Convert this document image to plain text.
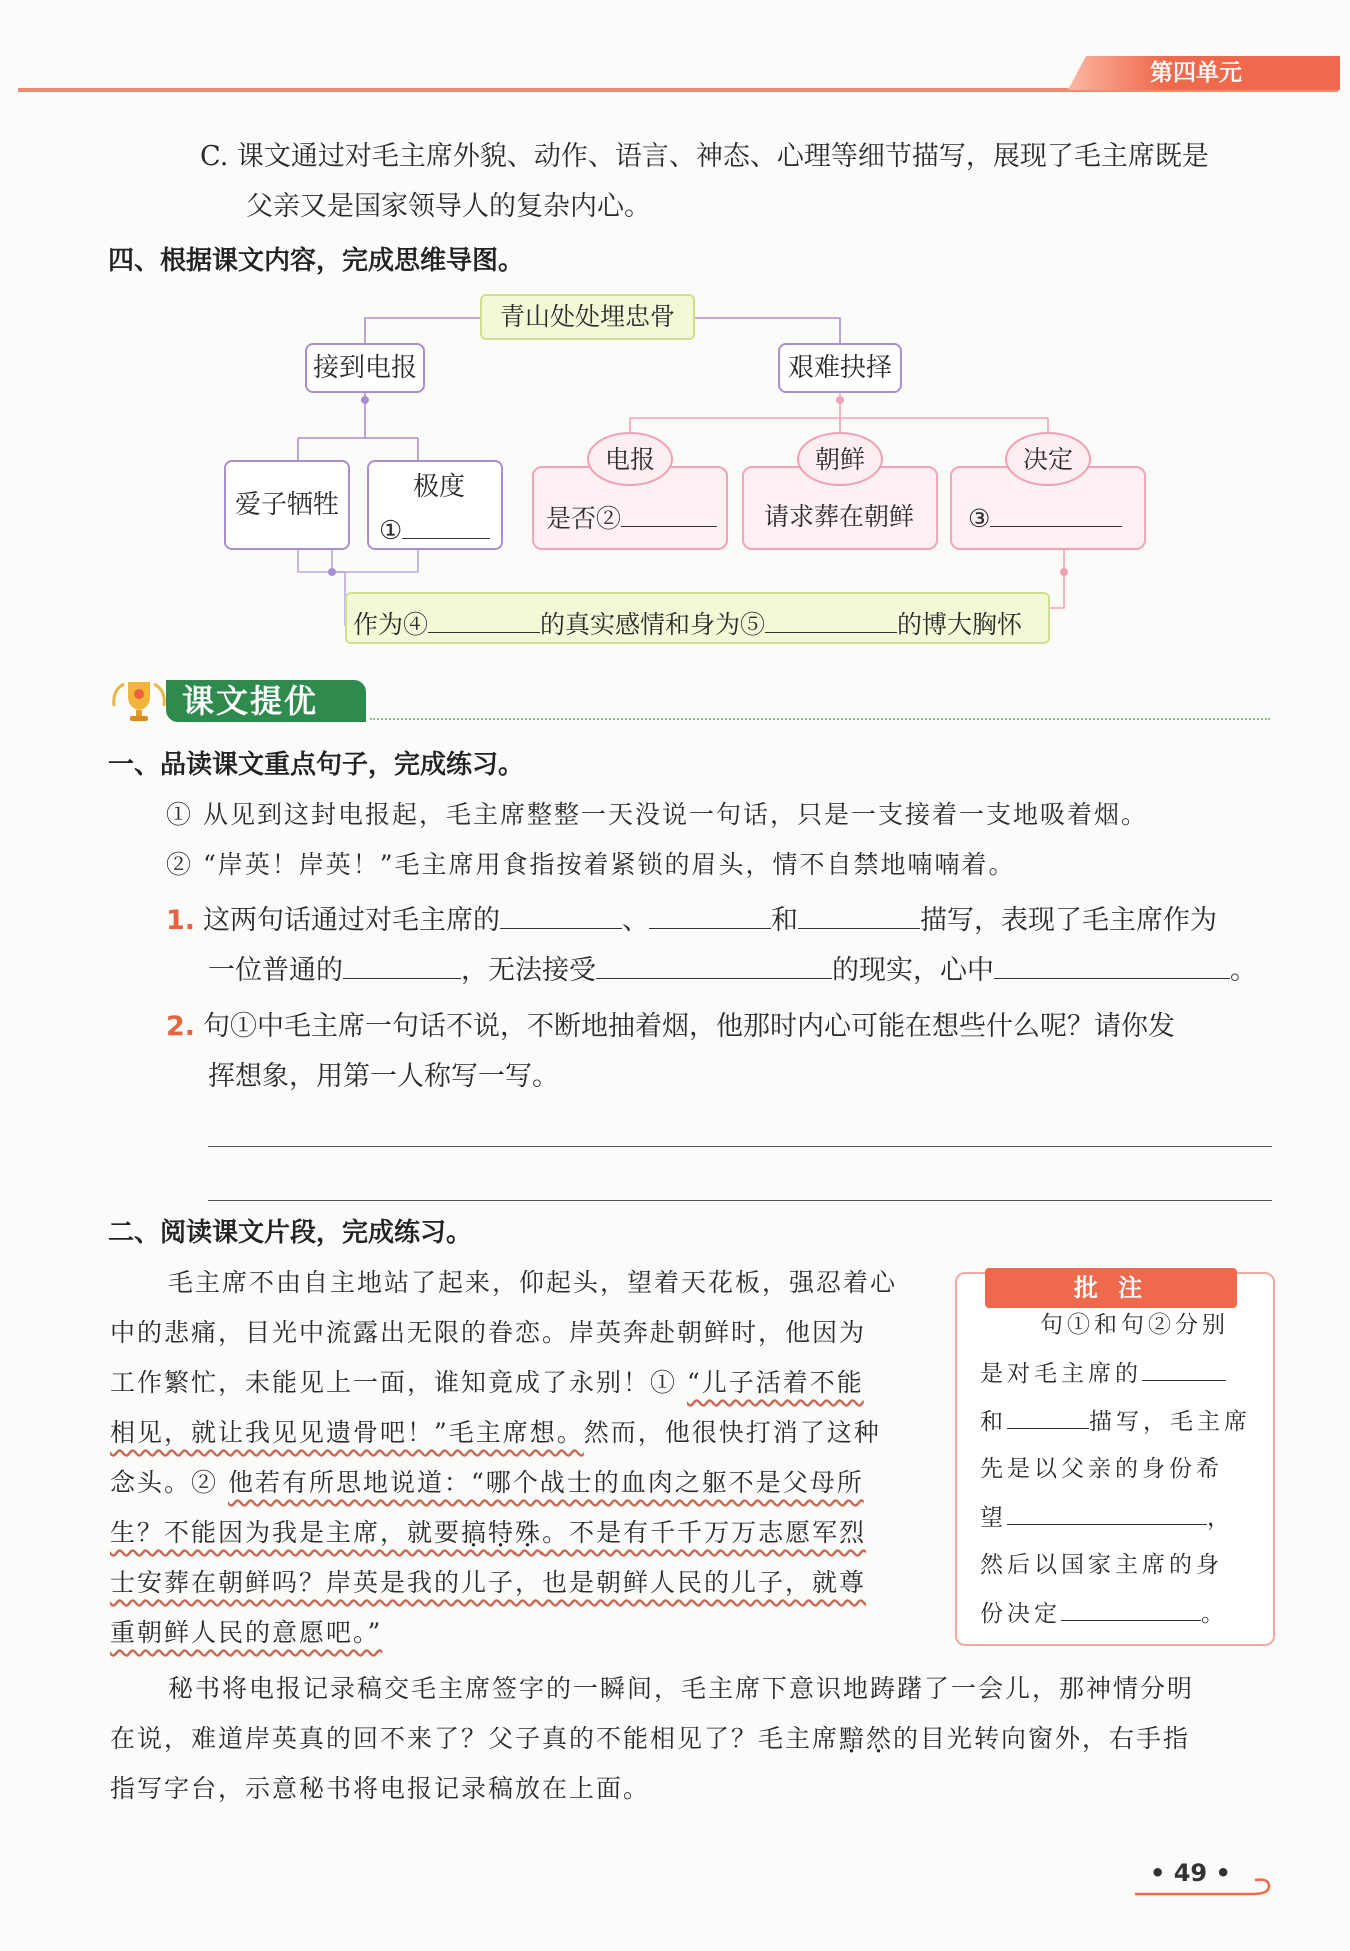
第四单元
C. 课文通过对毛主席外貌、动作、语言、神态、心理等细节描写，展现了毛主席既是
父亲又是国家领导人的复杂内心。
四、根据课文内容，完成思维导图。
青山处处埋忠骨
接到电报	艰难抉择
爱子牺牲
极度
①	是否②	请求葬在朝鲜 ③
电报	朝鲜	决定
作为④	的真实感情和身为⑤	的博大胸怀
课文提优
一、品读课文重点句子，完成练习。
① 从见到这封电报起，毛主席整整一天没说一句话，只是一支接着一支地吸着烟。
② “岸英！岸英！”毛主席用食指按着紧锁的眉头，情不自禁地喃喃着。
1. 这两句话通过对毛主席的	、	和	描写，表现了毛主席作为
一位普通的	，无法接受	的现实，心中	。
2. 句①中毛主席一句话不说，不断地抽着烟，他那时内心可能在想些什么呢？请你发
挥想象，用第一人称写一写。
二、阅读课文片段，完成练习。
毛主席不由自主地站了起来，仰起头，望着天花板，强忍着心
中的悲痛，目光中流露出无限的眷恋。岸英奔赴朝鲜时，他因为
工作繁忙，未能见上一面，谁知竟成了永别！① “儿子活着不能
相见，就让我见见遗骨吧！”毛主席想。然而，他很快打消了这种
念头。② 他若有所思地说道：“哪个战士的血肉之躯不是父母所
生？不能因为我是主席，就要搞特殊。不是有千千万万志愿军烈
士安葬在朝鲜吗？岸英是我的儿子，也是朝鲜人民的儿子，就尊
重朝鲜人民的意愿吧。”
秘书将电报记录稿交毛主席签字的一瞬间，毛主席下意识地踌躇了一会儿，那神情分明
在说，难道岸英真的回不来了？父子真的不能相见了？毛主席黯然的目光转向窗外，右手指
指写字台，示意秘书将电报记录稿放在上面。
批 注
句①和句②分别
是对毛主席的
和	描写，毛主席
先是以父亲的身份希
望	，
然后以国家主席的身
份决定	。
• 49 •
